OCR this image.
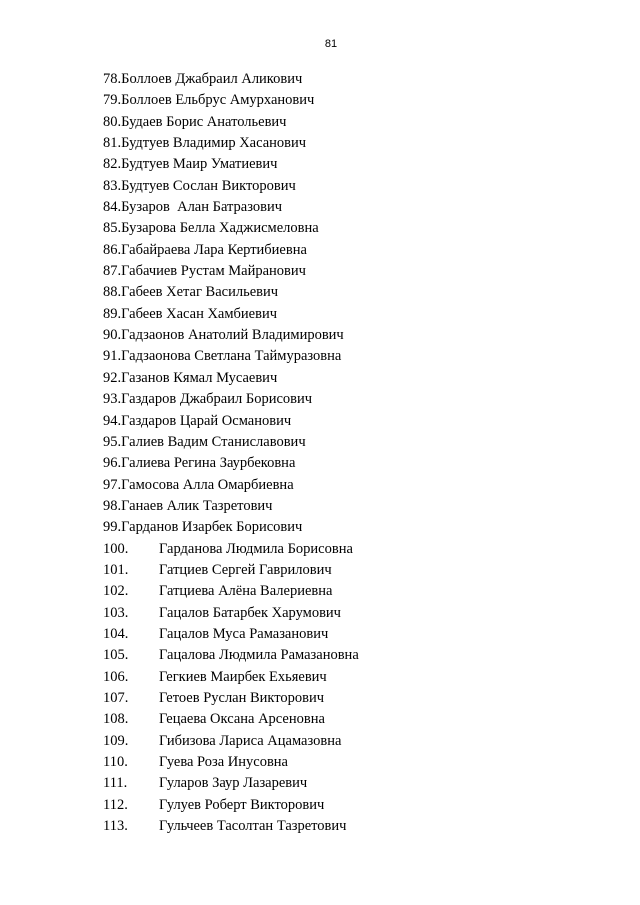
81
78. Боллоев Джабраил Аликович
79. Боллоев Ельбрус Амурханович
80. Будаев Борис Анатольевич
81. Будтуев Владимир Хасанович
82. Будтуев Маир Уматиевич
83. Будтуев Сослан Викторович
84. Бузаров  Алан Батразович
85. Бузарова Белла Хаджисмеловна
86. Габайраева Лара Кертибиевна
87. Габачиев Рустам Майранович
88. Габеев Хетаг Васильевич
89. Габеев Хасан Хамбиевич
90. Гадзаонов Анатолий Владимирович
91. Гадзаонова Светлана Таймуразовна
92. Газанов Кямал Мусаевич
93. Газдаров Джабраил Борисович
94. Газдаров Царай Османович
95. Галиев Вадим Станиславович
96. Галиева Регина Заурбековна
97. Гамосова Алла Омарбиевна
98. Ганаев Алик Тазретович
99. Гарданов Изарбек Борисович
100.	Гарданова Людмила Борисовна
101.	Гатциев Сергей Гаврилович
102.	Гатциева Алёна Валериевна
103.	Гацалов Батарбек Харумович
104.	Гацалов Муса Рамазанович
105.	Гацалова Людмила Рамазановна
106.	Гегкиев Маирбек Ехьяевич
107.	Гетоев Руслан Викторович
108.	Гецаева Оксана Арсеновна
109.	Гибизова Лариса Ацамазовна
110.	Гуева Роза Инусовна
111.	Гуларов Заур Лазаревич
112.	Гулуев Роберт Викторович
113.	Гульчеев Тасолтан Тазретович
